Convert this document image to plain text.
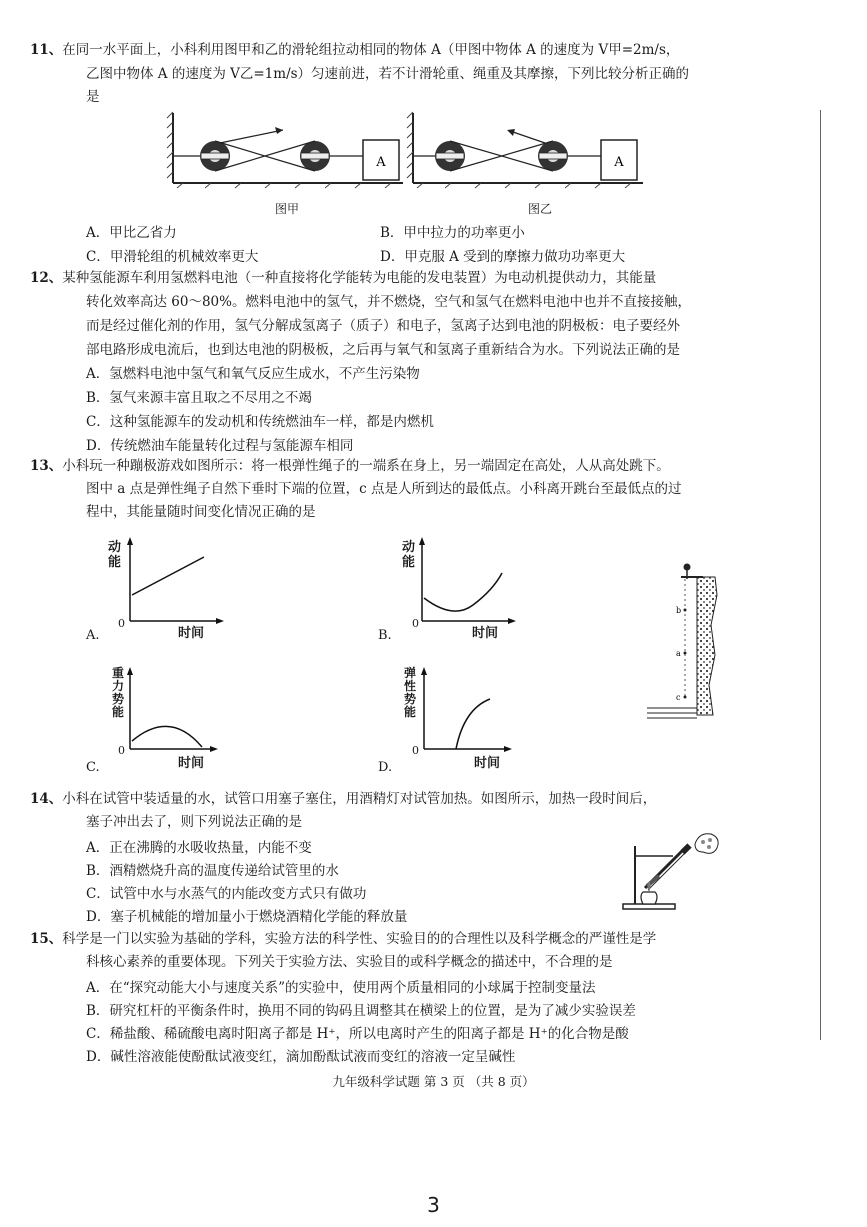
11、在同一水平面上，小科利用图甲和乙的滑轮组拉动相同的物体 A（甲图中物体 A 的速度为 V甲=2m/s，
乙图中物体 A 的速度为 V乙=1m/s）匀速前进，若不计滑轮重、绳重及其摩擦，下列比较分析正确的
是
A	A
图甲	图乙
A．甲比乙省力	B．甲中拉力的功率更小
C．甲滑轮组的机械效率更大	D．甲克服 A 受到的摩擦力做功功率更大
12、某种氢能源车利用氢燃料电池（一种直接将化学能转为电能的发电装置）为电动机提供动力，其能量
转化效率高达 60～80%。燃料电池中的氢气，并不燃烧，空气和氢气在燃料电池中也并不直接接触，
而是经过催化剂的作用，氢气分解成氢离子（质子）和电子，氢离子达到电池的阴极板：电子要经外
部电路形成电流后，也到达电池的阴极板，之后再与氧气和氢离子重新结合为水。下列说法正确的是
A．氢燃料电池中氢气和氧气反应生成水，不产生污染物
B．氢气来源丰富且取之不尽用之不竭
C．这种氢能源车的发动机和传统燃油车一样，都是内燃机
D．传统燃油车能量转化过程与氢能源车相同
13、小科玩一种蹦极游戏如图所示：将一根弹性绳子的一端系在身上，另一端固定在高处，人从高处跳下。
图中 a 点是弹性绳子自然下垂时下端的位置，c 点是人所到达的最低点。小科离开跳台至最低点的过
程中，其能量随时间变化情况正确的是
A.
动能
0
时间	B.
动能
0
时间
C.
重力势能
0
时间	D.
弹性势能
0
时间
b
a
c
14、小科在试管中装适量的水，试管口用塞子塞住，用酒精灯对试管加热。如图所示，加热一段时间后，
塞子冲出去了，则下列说法正确的是
A．正在沸腾的水吸收热量，内能不变
B．酒精燃烧升高的温度传递给试管里的水
C．试管中水与水蒸气的内能改变方式只有做功
D．塞子机械能的增加量小于燃烧酒精化学能的释放量
15、科学是一门以实验为基础的学科，实验方法的科学性、实验目的的合理性以及科学概念的严谨性是学
科核心素养的重要体现。下列关于实验方法、实验目的或科学概念的描述中，不合理的是
A．在“探究动能大小与速度关系”的实验中，使用两个质量相同的小球属于控制变量法
B．研究杠杆的平衡条件时，换用不同的钩码且调整其在横梁上的位置，是为了减少实验误差
C．稀盐酸、稀硫酸电离时阳离子都是 H⁺，所以电离时产生的阳离子都是 H⁺的化合物是酸
D．碱性溶液能使酚酞试液变红，滴加酚酞试液而变红的溶液一定呈碱性
九年级科学试题 第 3 页 （共 8 页）
3
